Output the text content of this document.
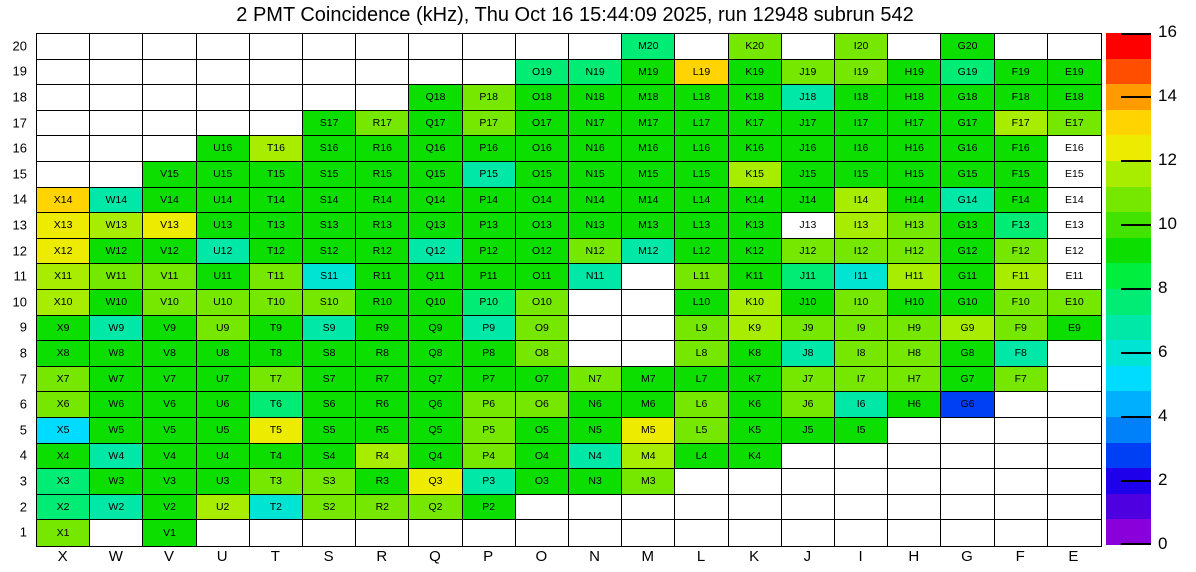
2 PMT Coincidence (kHz), Thu Oct 16 15:44:09 2025, run 12948 subrun 542
20
19
18
17
16
15
14
13
12
11
10
9
8
7
6
5
4
3
2
1
M20	K20	I20	G20
O19	N19	M19	L19	K19	J19	I19	H19	G19	F19	E19
Q18	P18	O18	N18	M18	L18	K18	J18	I18	H18	G18	F18	E18
S17	R17	Q17	P17	O17	N17	M17	L17	K17	J17	I17	H17	G17	F17	E17
U16	T16	S16	R16	Q16	P16	O16	N16	M16	L16	K16	J16	I16	H16	G16	F16	E16
V15	U15	T15	S15	R15	Q15	P15	O15	N15	M15	L15	K15	J15	I15	H15	G15	F15	E15
X14	W14	V14	U14	T14	S14	R14	Q14	P14	O14	N14	M14	L14	K14	J14	I14	H14	G14	F14	E14
X13	W13	V13	U13	T13	S13	R13	Q13	P13	O13	N13	M13	L13	K13	J13	I13	H13	G13	F13	E13
X12	W12	V12	U12	T12	S12	R12	Q12	P12	O12	N12	M12	L12	K12	J12	I12	H12	G12	F12	E12
X11	W11	V11	U11	T11	S11	R11	Q11	P11	O11	N11	L11	K11	J11	I11	H11	G11	F11	E11
X10	W10	V10	U10	T10	S10	R10	Q10	P10	O10	L10	K10	J10	I10	H10	G10	F10	E10
X9	W9	V9	U9	T9	S9	R9	Q9	P9	O9	L9	K9	J9	I9	H9	G9	F9	E9
X8	W8	V8	U8	T8	S8	R8	Q8	P8	O8	L8	K8	J8	I8	H8	G8	F8
X7	W7	V7	U7	T7	S7	R7	Q7	P7	O7	N7	M7	L7	K7	J7	I7	H7	G7	F7
X6	W6	V6	U6	T6	S6	R6	Q6	P6	O6	N6	M6	L6	K6	J6	I6	H6	G6
X5	W5	V5	U5	T5	S5	R5	Q5	P5	O5	N5	M5	L5	K5	J5	I5
X4	W4	V4	U4	T4	S4	R4	Q4	P4	O4	N4	M4	L4	K4
X3	W3	V3	U3	T3	S3	R3	Q3	P3	O3	N3	M3
X2	W2	V2	U2	T2	S2	R2	Q2	P2
X1	V1
X	W	V	U	T	S	R	Q	P	O	N	M	L	K	J	I	H	G	F	E
0
2
4
6
8
10
12
14
16
